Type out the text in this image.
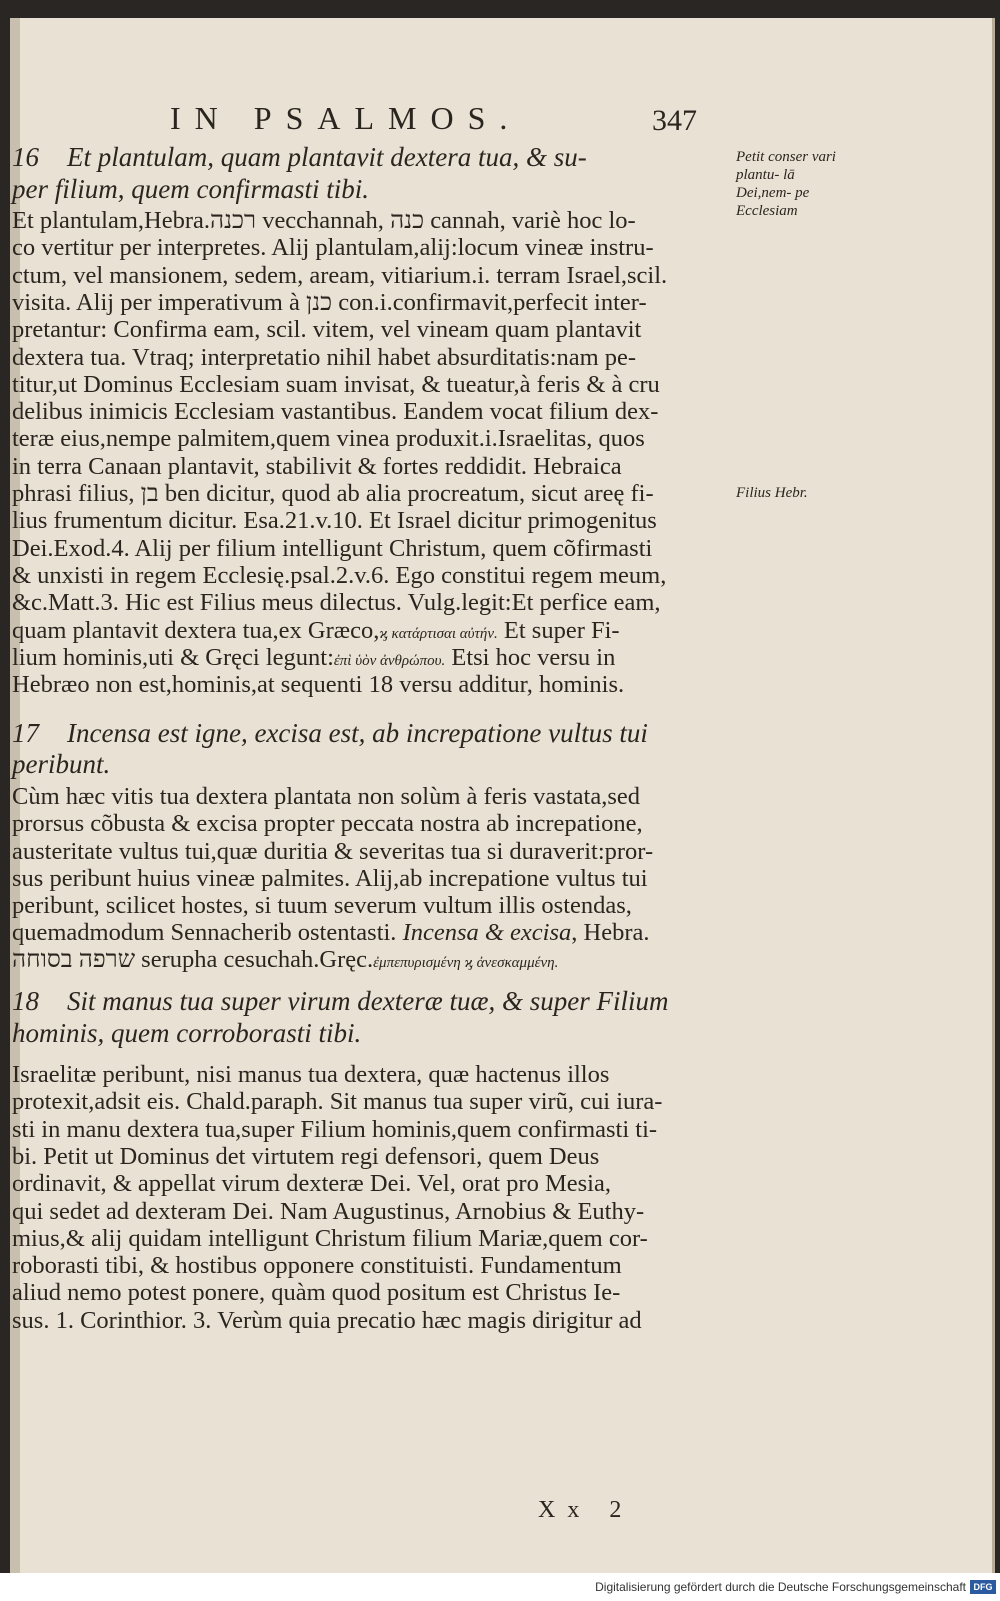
IN PSALMOS.	347
16 Et plantulam, quam plantavit dextera tua, & su-
per filium, quem confirmasti tibi.
Petit conser vari plantu- lā Dei,nem- pe Ecclesiam
Et plantulam,Hebra.רכנה vecchannah, כנה cannah, variè hoc lo-
co vertitur per interpretes. Alij plantulam,alij:locum vineæ instru-
ctum, vel mansionem, sedem, aream, vitiarium.i. terram Israel,scil.
visita. Alij per imperativum à כנן con.i.confirmavit,perfecit inter-
pretantur: Confirma eam, scil. vitem, vel vineam quam plantavit
dextera tua. Vtraq; interpretatio nihil habet absurditatis:nam pe-
titur,ut Dominus Ecclesiam suam invisat, & tueatur,à feris & à cru
delibus inimicis Ecclesiam vastantibus. Eandem vocat filium dex-
teræ eius,nempe palmitem,quem vinea produxit.i.Israelitas, quos
in terra Canaan plantavit, stabilivit & fortes reddidit. Hebraica
phrasi filius, בן ben dicitur, quod ab alia procreatum, sicut areę fi-
lius frumentum dicitur. Esa.21.v.10. Et Israel dicitur primogenitus
Dei.Exod.4. Alij per filium intelligunt Christum, quem cõfirmasti
& unxisti in regem Ecclesię.psal.2.v.6. Ego constitui regem meum,
&c.Matt.3. Hic est Filius meus dilectus. Vulg.legit:Et perfice eam,
quam plantavit dextera tua,ex Græco,ϗ κατάρτισαι αὐτήν. Et super Fi-
lium hominis,uti & Gręci legunt:ἐπὶ ὑὸν ἀνθρώπου. Etsi hoc versu in
Hebræo non est,hominis,at sequenti 18 versu additur, hominis.
Filius Hebr.
17 Incensa est igne, excisa est, ab increpatione vultus tui
peribunt.
Cùm hæc vitis tua dextera plantata non solùm à feris vastata,sed
prorsus cõbusta & excisa propter peccata nostra ab increpatione,
austeritate vultus tui,quæ duritia & severitas tua si duraverit:pror-
sus peribunt huius vineæ palmites. Alij,ab increpatione vultus tui
peribunt, scilicet hostes, si tuum severum vultum illis ostendas,
quemadmodum Sennacherib ostentasti. Incensa & excisa, Hebra.
שרפה בסוחה serupha cesuchah.Gręc.ἐμπεπυρισμένη ϗ ἀνεσκαμμένη.
18 Sit manus tua super virum dexteræ tuæ, & super Filium
hominis, quem corroborasti tibi.
Israelitæ peribunt, nisi manus tua dextera, quæ hactenus illos
protexit,adsit eis. Chald.paraph. Sit manus tua super virũ, cui iura-
sti in manu dextera tua,super Filium hominis,quem confirmasti ti-
bi. Petit ut Dominus det virtutem regi defensori, quem Deus
ordinavit, & appellat virum dexteræ Dei. Vel, orat pro Mesia,
qui sedet ad dexteram Dei. Nam Augustinus, Arnobius & Euthy-
mius,& alij quidam intelligunt Christum filium Mariæ,quem cor-
roborasti tibi, & hostibus opponere constituisti. Fundamentum
aliud nemo potest ponere, quàm quod positum est Christus Ie-
sus. 1. Corinthior. 3. Verùm quia precatio hæc magis dirigitur ad
Xx 2
Digitalisierung gefördert durch die Deutsche Forschungsgemeinschaft DFG
